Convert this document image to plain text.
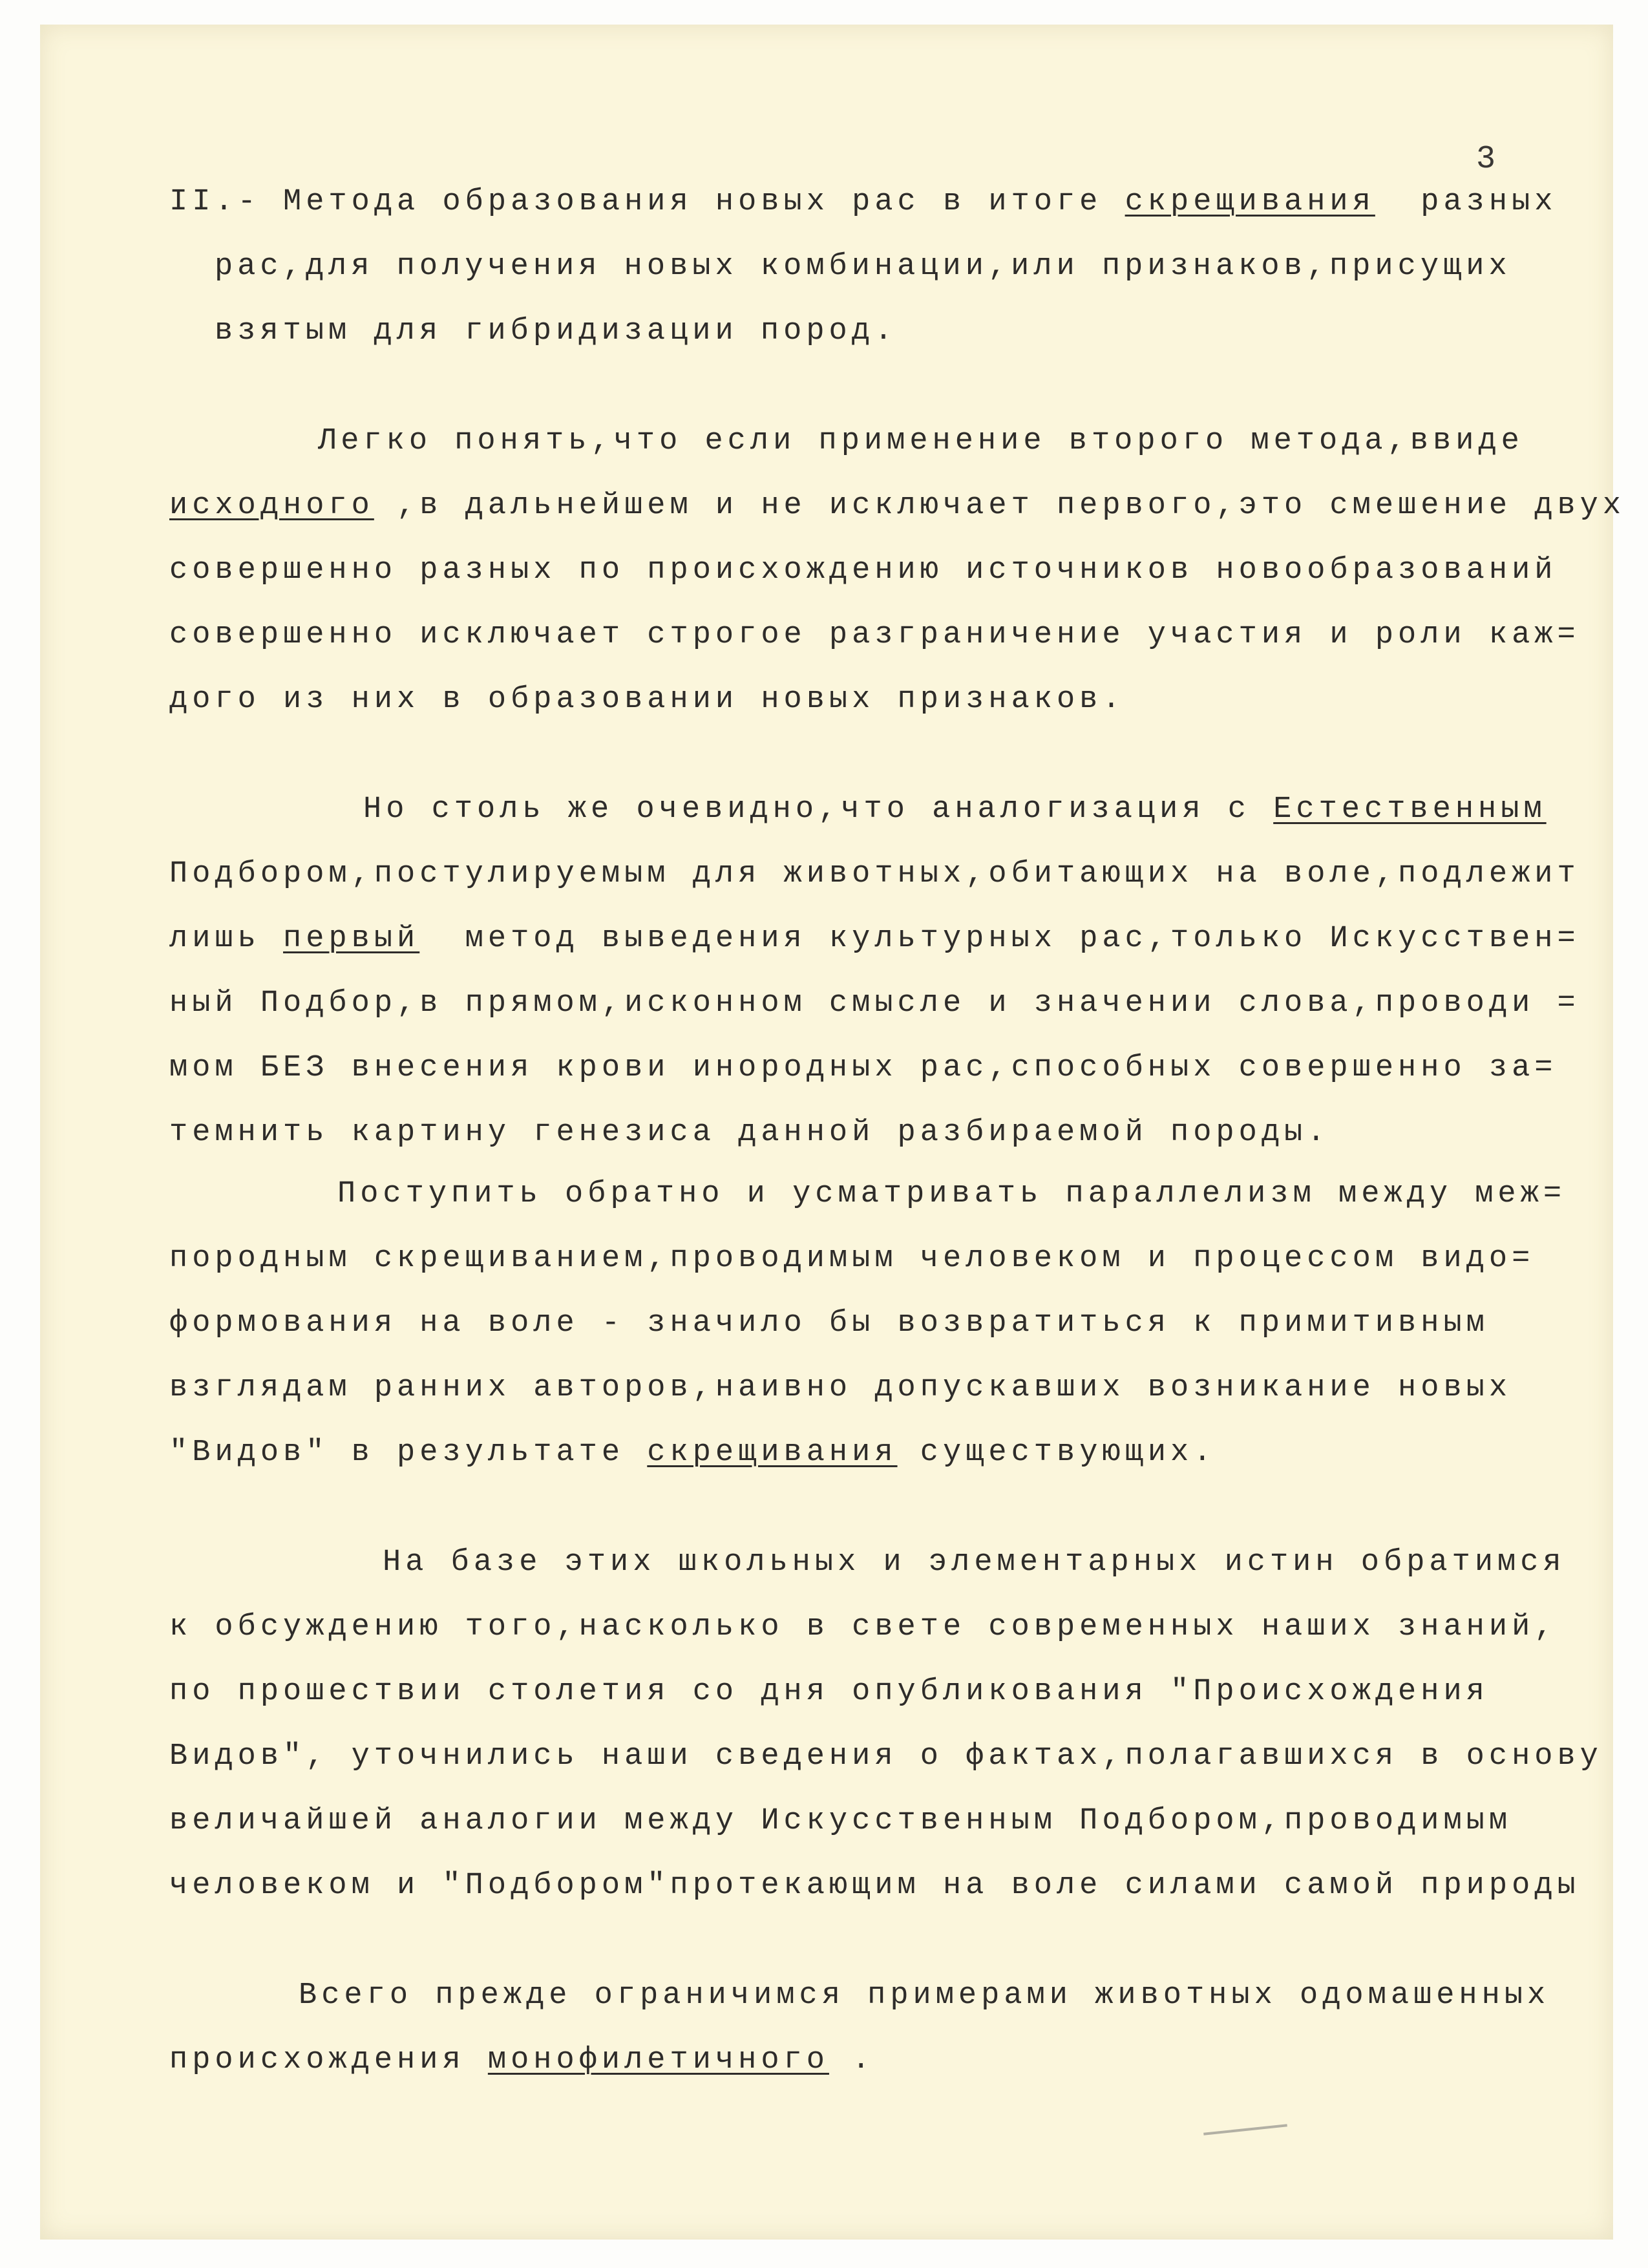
3
II.- Метода образования новых рас в итоге скрещивания  разных
рас,для получения новых комбинации,или признаков,присущих
взятым для гибридизации пород.
Легко понять,что если применение второго метода,ввиде
исходного ,в дальнейшем и не исключает первого,это смешение двух
совершенно разных по происхождению источников новообразований
совершенно исключает строгое разграничение участия и роли каж=
дого из них в образовании новых признаков.
Но столь же очевидно,что аналогизация с Естественным
Подбором,постулируемым для животных,обитающих на воле,подлежит
лишь первый  метод выведения культурных рас,только Искусствен=
ный Подбор,в прямом,исконном смысле и значении слова,проводи =
мом БЕЗ внесения крови инородных рас,способных совершенно за=
темнить картину генезиса данной разбираемой породы.
Поступить обратно и усматривать параллелизм между меж=
породным скрещиванием,проводимым человеком и процессом видо=
формования на воле - значило бы возвратиться к примитивным
взглядам ранних авторов,наивно допускавших возникание новых
"Видов" в результате скрещивания существующих.
На базе этих школьных и элементарных истин обратимся
к обсуждению того,насколько в свете современных наших знаний,
по прошествии столетия со дня опубликования "Происхождения
Видов", уточнились наши сведения о фактах,полагавшихся в основу
величайшей аналогии между Искусственным Подбором,проводимым
человеком и "Подбором"протекающим на воле силами самой природы
Всего прежде ограничимся примерами животных одомашенных
происхождения монофилетичного .
